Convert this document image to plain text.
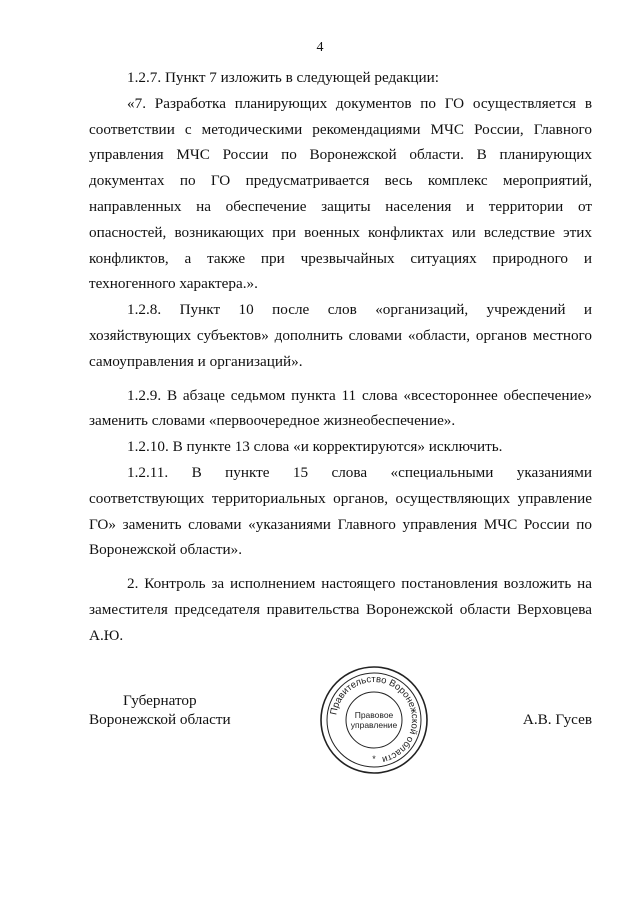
4

1.2.7. Пункт 7 изложить в следующей редакции:

«7. Разработка планирующих документов по ГО осуществляется в соответствии с методическими рекомендациями МЧС России, Главного управления МЧС России по Воронежской области. В планирующих документах по ГО предусматривается весь комплекс мероприятий, направленных на обеспечение защиты населения и территории от опасностей, возникающих при военных конфликтах или вследствие этих конфликтов, а также при чрезвычайных ситуациях природного и техногенного характера.».

1.2.8. Пункт 10 после слов «организаций, учреждений и хозяйствующих субъектов» дополнить словами «области, органов местного самоуправления и организаций».

1.2.9. В абзаце седьмом пункта 11 слова «всестороннее обеспечение» заменить словами «первоочередное жизнеобеспечение».

1.2.10. В пункте 13 слова «и корректируются» исключить.

1.2.11. В пункте 15 слова «специальными указаниями соответствующих территориальных органов, осуществляющих управление ГО» заменить словами «указаниями Главного управления МЧС России по Воронежской области».

2. Контроль за исполнением настоящего постановления возложить на заместителя председателя правительства Воронежской области Верховцева А.Ю.

Губернатор
Воронежской области	Правительство Воронежской области
Правовое
управление
*
А.В. Гусев
